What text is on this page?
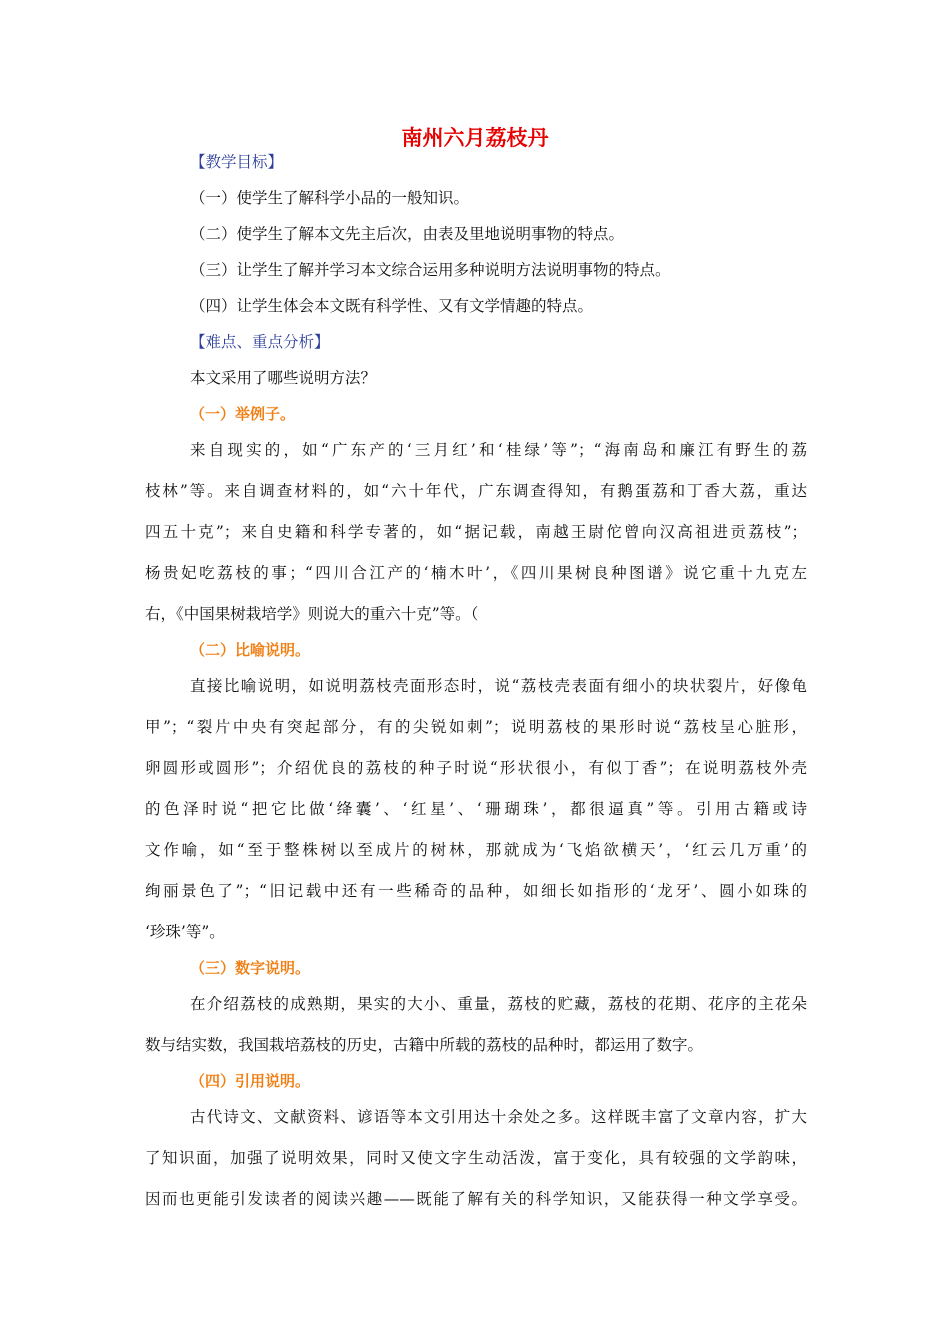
南州六月荔枝丹

【教学目标】

（一）使学生了解科学小品的一般知识。

（二）使学生了解本文先主后次，由表及里地说明事物的特点。

（三）让学生了解并学习本文综合运用多种说明方法说明事物的特点。

（四）让学生体会本文既有科学性、又有文学情趣的特点。

【难点、重点分析】

本文采用了哪些说明方法？

（一）举例子。

来自现实的，如“广东产的‘三月红’和‘桂绿’等”；“海南岛和廉江有野生的荔

枝林”等。来自调查材料的，如“六十年代，广东调查得知，有鹅蛋荔和丁香大荔，重达

四五十克”；来自史籍和科学专著的，如“据记载，南越王尉佗曾向汉高祖进贡荔枝”；

杨贵妃吃荔枝的事；“四川合江产的‘楠木叶’，《四川果树良种图谱》说它重十九克左

右，《中国果树栽培学》则说大的重六十克”等。（

（二）比喻说明。

直接比喻说明，如说明荔枝壳面形态时，说“荔枝壳表面有细小的块状裂片，好像龟

甲”；“裂片中央有突起部分，有的尖锐如刺”；说明荔枝的果形时说“荔枝呈心脏形，

卵圆形或圆形”；介绍优良的荔枝的种子时说“形状很小，有似丁香”；在说明荔枝外壳

的色泽时说“把它比做‘绛囊’、‘红星’、‘珊瑚珠’，都很逼真”等。引用古籍或诗

文作喻，如“至于整株树以至成片的树林，那就成为‘飞焰欲横天’，‘红云几万重’的

绚丽景色了”；“旧记载中还有一些稀奇的品种，如细长如指形的‘龙牙’、圆小如珠的

‘珍珠’等”。

（三）数字说明。

在介绍荔枝的成熟期，果实的大小、重量，荔枝的贮藏，荔枝的花期、花序的主花朵

数与结实数，我国栽培荔枝的历史，古籍中所载的荔枝的品种时，都运用了数字。

（四）引用说明。

古代诗文、文献资料、谚语等本文引用达十余处之多。这样既丰富了文章内容，扩大

了知识面，加强了说明效果，同时又使文字生动活泼，富于变化，具有较强的文学韵味，

因而也更能引发读者的阅读兴趣——既能了解有关的科学知识，又能获得一种文学享受。
